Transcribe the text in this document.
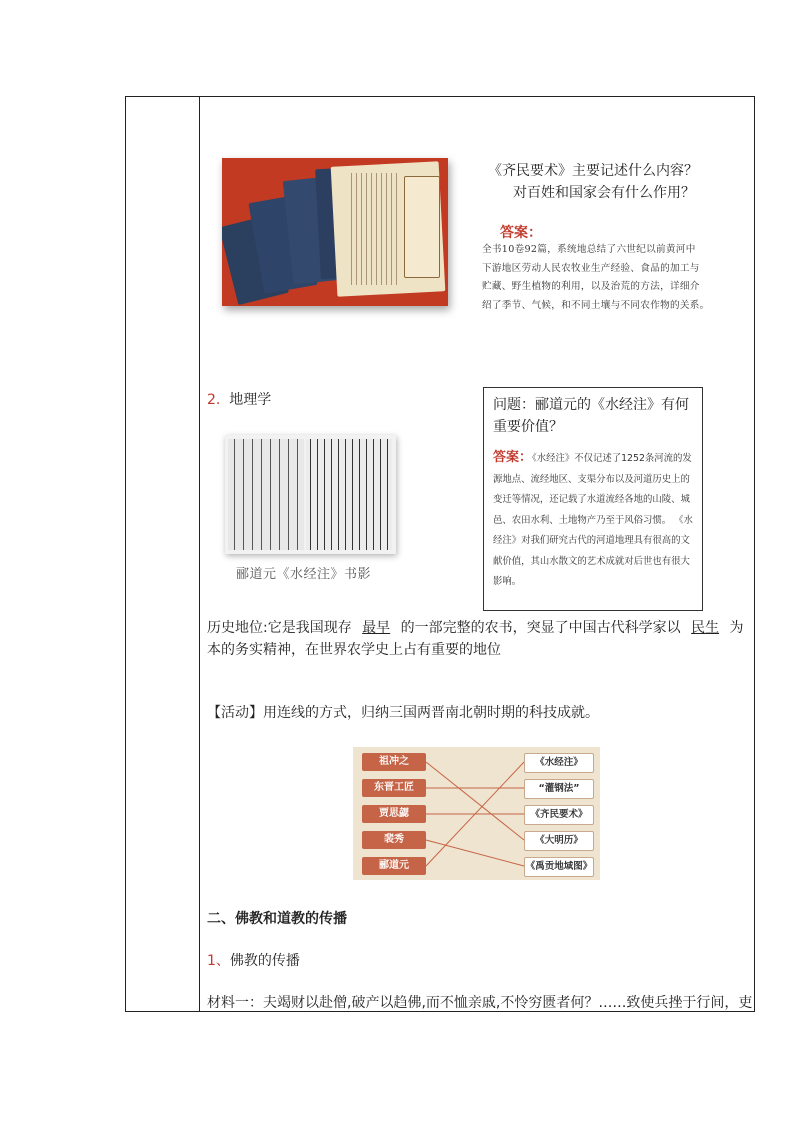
《齐民要术》主要记述什么内容？
对百姓和国家会有什么作用？
答案：
全书10卷92篇，系统地总结了六世纪以前黄河中
下游地区劳动人民农牧业生产经验、食品的加工与
贮藏、野生植物的利用，以及治荒的方法，详细介
绍了季节、气候，和不同土壤与不同农作物的关系。
2. 地理学
郦道元《水经注》书影
问题：郦道元的《水经注》有何重要价值？
答案：《水经注》不仅记述了1252条河流的发源地点、流经地区、支渠分布以及河道历史上的变迁等情况，还记载了水道流经各地的山陵、城邑、农田水利、土地物产乃至于风俗习惯。 《水经注》对我们研究古代的河道地理具有很高的文献价值，其山水散文的艺术成就对后世也有很大影响。
历史地位:它是我国现存 最早 的一部完整的农书，突显了中国古代科学家以 民生 为本的务实精神，在世界农学史上占有重要的地位
【活动】用连线的方式，归纳三国两晋南北朝时期的科技成就。
祖冲之
东晋工匠
贾思勰
裴秀
郦道元
《水经注》
“灌钢法”
《齐民要术》
《大明历》
《禹贡地域图》
二、佛教和道教的传播
1、佛教的传播
材料一：夫竭财以赴僧,破产以趋佛,而不恤亲戚,不怜穷匮者何？……致使兵挫于行间，吏
